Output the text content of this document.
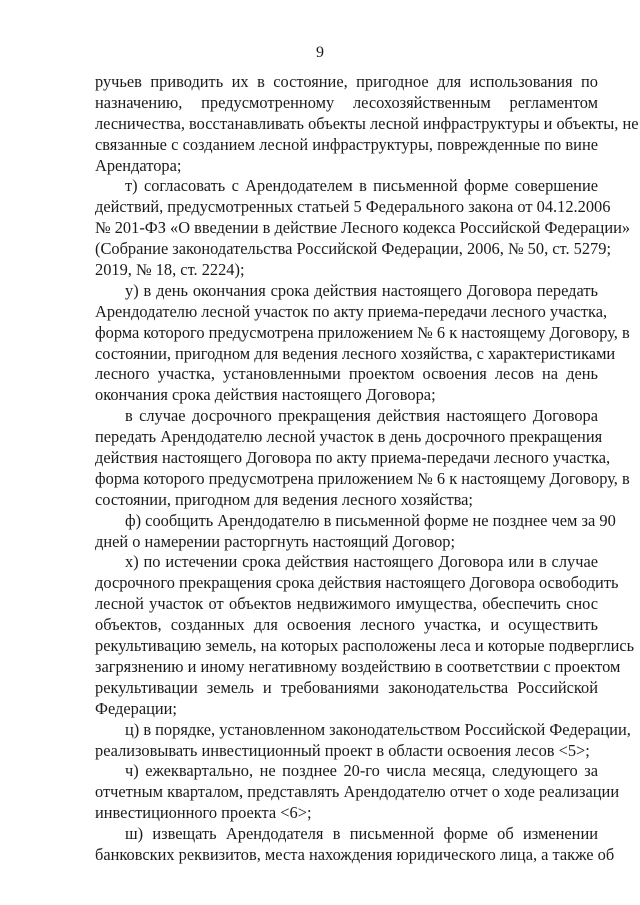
9
ручьев приводить их в состояние, пригодное для использования по
назначению, предусмотренному лесохозяйственным регламентом
лесничества, восстанавливать объекты лесной инфраструктуры и объекты, не
связанные с созданием лесной инфраструктуры, поврежденные по вине
Арендатора;
т) согласовать с Арендодателем в письменной форме совершение
действий, предусмотренных статьей 5 Федерального закона от 04.12.2006
№ 201-ФЗ «О введении в действие Лесного кодекса Российской Федерации»
(Собрание законодательства Российской Федерации, 2006, № 50, ст. 5279;
2019, № 18, ст. 2224);
у) в день окончания срока действия настоящего Договора передать
Арендодателю лесной участок по акту приема-передачи лесного участка,
форма которого предусмотрена приложением № 6 к настоящему Договору, в
состоянии, пригодном для ведения лесного хозяйства, с характеристиками
лесного участка, установленными проектом освоения лесов на день
окончания срока действия настоящего Договора;
в случае досрочного прекращения действия настоящего Договора
передать Арендодателю лесной участок в день досрочного прекращения
действия настоящего Договора по акту приема-передачи лесного участка,
форма которого предусмотрена приложением № 6 к настоящему Договору, в
состоянии, пригодном для ведения лесного хозяйства;
ф) сообщить Арендодателю в письменной форме не позднее чем за 90
дней о намерении расторгнуть настоящий Договор;
х) по истечении срока действия настоящего Договора или в случае
досрочного прекращения срока действия настоящего Договора освободить
лесной участок от объектов недвижимого имущества, обеспечить снос
объектов, созданных для освоения лесного участка, и осуществить
рекультивацию земель, на которых расположены леса и которые подверглись
загрязнению и иному негативному воздействию в соответствии с проектом
рекультивации земель и требованиями законодательства Российской
Федерации;
ц) в порядке, установленном законодательством Российской Федерации,
реализовывать инвестиционный проект в области освоения лесов <5>;
ч) ежеквартально, не позднее 20-го числа месяца, следующего за
отчетным кварталом, представлять Арендодателю отчет о ходе реализации
инвестиционного проекта <6>;
ш) извещать Арендодателя в письменной форме об изменении
банковских реквизитов, места нахождения юридического лица, а также об
